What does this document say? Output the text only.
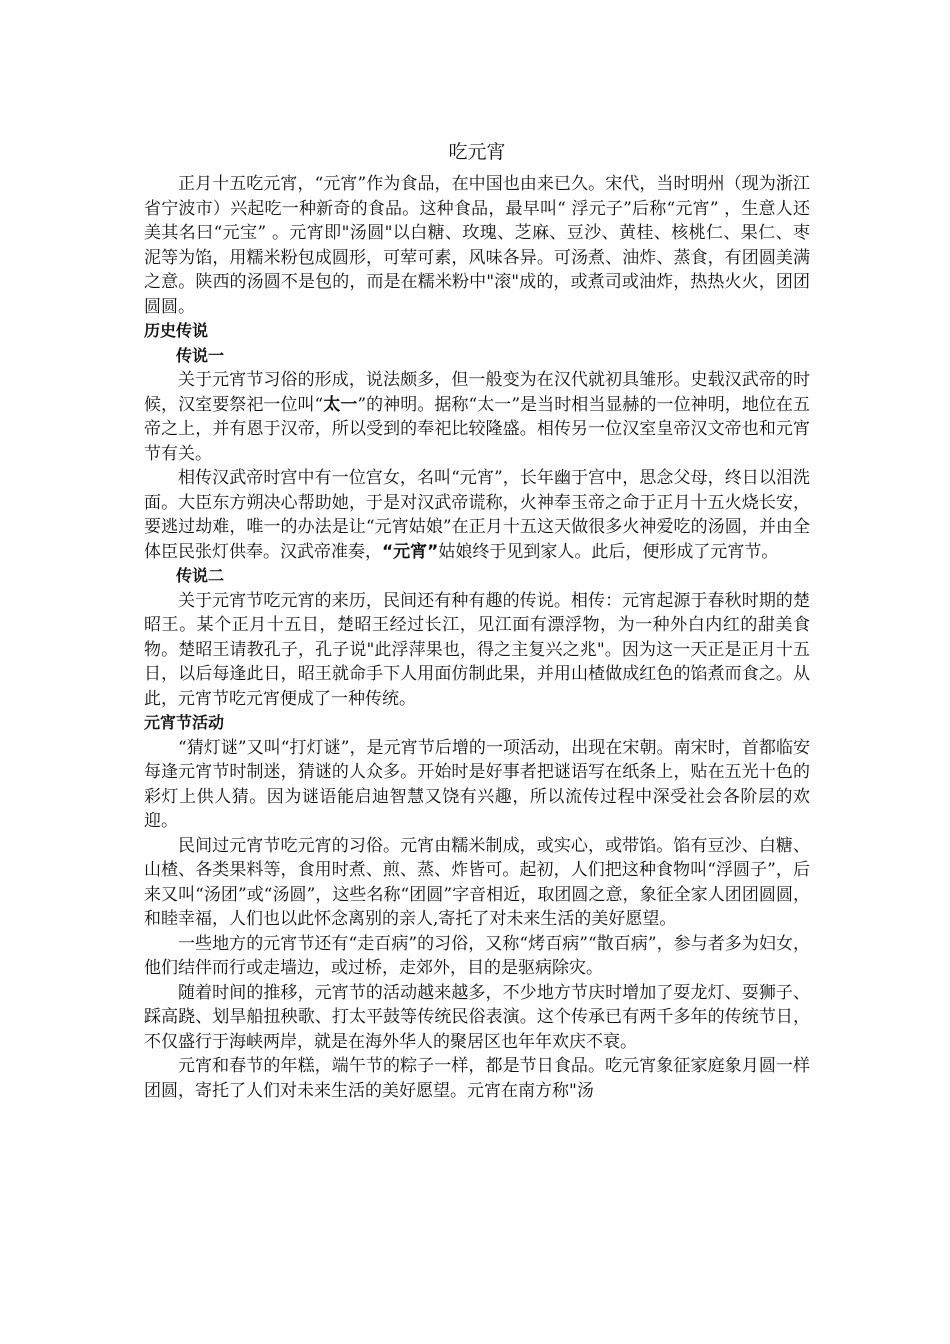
吃元宵

正月十五吃元宵，“元宵”作为食品，在中国也由来已久。宋代，当时明州（现为浙江省宁波市）兴起吃一种新奇的食品。这种食品，最早叫“ 浮元子”后称“元宵” ，生意人还美其名曰“元宝” 。元宵即"汤圆"以白糖、玫瑰、芝麻、豆沙、黄桂、核桃仁、果仁、枣泥等为馅，用糯米粉包成圆形，可荤可素，风味各异。可汤煮、油炸、蒸食，有团圆美满之意。陕西的汤圆不是包的，而是在糯米粉中"滚"成的，或煮司或油炸，热热火火，团团圆圆。

历史传说
传说一

关于元宵节习俗的形成，说法颇多，但一般变为在汉代就初具雏形。史载汉武帝的时候，汉室要祭祀一位叫“太一”的神明。据称“太一”是当时相当显赫的一位神明，地位在五帝之上，并有恩于汉帝，所以受到的奉祀比较隆盛。相传另一位汉室皇帝汉文帝也和元宵节有关。

相传汉武帝时宫中有一位宫女，名叫“元宵”，长年幽于宫中，思念父母，终日以泪洗面。大臣东方朔决心帮助她，于是对汉武帝谎称，火神奉玉帝之命于正月十五火烧长安，要逃过劫难，唯一的办法是让“元宵姑娘”在正月十五这天做很多火神爱吃的汤圆，并由全体臣民张灯供奉。汉武帝准奏，“元宵”姑娘终于见到家人。此后，便形成了元宵节。

传说二

关于元宵节吃元宵的来历，民间还有种有趣的传说。相传：元宵起源于春秋时期的楚昭王。某个正月十五日，楚昭王经过长江，见江面有漂浮物，为一种外白内红的甜美食物。楚昭王请教孔子，孔子说"此浮萍果也，得之主复兴之兆"。因为这一天正是正月十五日，以后每逢此日，昭王就命手下人用面仿制此果，并用山楂做成红色的馅煮而食之。从此，元宵节吃元宵便成了一种传统。

元宵节活动

“猜灯谜”又叫“打灯谜”，是元宵节后增的一项活动，出现在宋朝。南宋时，首都临安每逢元宵节时制迷，猜谜的人众多。开始时是好事者把谜语写在纸条上，贴在五光十色的彩灯上供人猜。因为谜语能启迪智慧又饶有兴趣，所以流传过程中深受社会各阶层的欢迎。

民间过元宵节吃元宵的习俗。元宵由糯米制成，或实心，或带馅。馅有豆沙、白糖、山楂、各类果料等，食用时煮、煎、蒸、炸皆可。起初，人们把这种食物叫“浮圆子”，后来又叫“汤团”或“汤圆”，这些名称“团圆”字音相近，取团圆之意，象征全家人团团圆圆，和睦幸福，人们也以此怀念离别的亲人,寄托了对未来生活的美好愿望。

一些地方的元宵节还有“走百病”的习俗，又称“烤百病”“散百病”，参与者多为妇女，他们结伴而行或走墙边，或过桥，走郊外，目的是驱病除灾。

随着时间的推移，元宵节的活动越来越多，不少地方节庆时增加了耍龙灯、耍狮子、踩高跷、划旱船扭秧歌、打太平鼓等传统民俗表演。这个传承已有两千多年的传统节日，不仅盛行于海峡两岸，就是在海外华人的聚居区也年年欢庆不衰。

元宵和春节的年糕，端午节的粽子一样，都是节日食品。吃元宵象征家庭象月圆一样团圆，寄托了人们对未来生活的美好愿望。元宵在南方称"汤
